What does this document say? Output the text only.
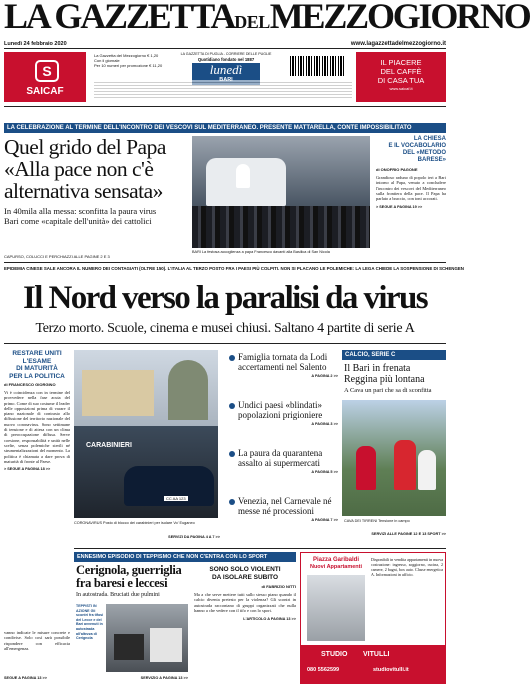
LA GAZZETTADELMEZZOGIORNO
Lunedì 24 febbraio 2020	www.lagazzettadelmezzogiorno.it
S
SAICAF
La Gazzetta del Mezzogiorno € 1,20
Con il giornale
Per 10 numeri per promozione € 11,20
LA GAZZETTA DI PUGLIA - CORRIERE DELLE PUGLIE
Quotidiano fondato nel 1887
lunedì	IL PIACERE
DEL CAFFÈ
DI CASA TUA
www.saicaf.it
LA CELEBRAZIONE AL TERMINE DELL'INCONTRO DEI VESCOVI SUL MEDITERRANEO. PRESENTE MATTARELLA, CONTE IMPOSSIBILITATO
Quel grido del Papa
«Alla pace non c'è
alternativa sensata»
In 40mila alla messa: sconfitta la paura virus
Bari come «capitale dell'unità» dei cattolici
CAPURSO, COLUCCI E PERCHIAZZI ALLE PAGINE 2 E 3
BARI La festosa accoglienza a papa Francesco davanti alla Basilica di San Nicola
LA CHIESA
E IL VOCABOLARIO
DEL «METODO BARESE»
di ONOFRIO PAGONE
Grandioso raduno di popolo ieri a Bari intorno al Papa, venuto a concludere l'incontro dei vescovi del Mediterraneo sulla frontiera della pace. Il Papa ha parlato a braccio, con toni accorati.
> SEGUE A PAGINA 19 >>
EPIDEMIA CINESE SALE ANCORA IL NUMERO DEI CONTAGIATI (OLTRE 150). L'ITALIA AL TERZO POSTO FRA I PAESI PIÙ COLPITI. NON SI PLACANO LE POLEMICHE: LA LEGA CHIEDE LA SOSPENSIONE DI SCHENGEN
Il Nord verso la paralisi da virus
Terzo morto. Scuole, cinema e musei chiusi. Saltano 4 partite di serie A
RESTARE UNITI
L'ESAME
DI MATURITÀ
PER LA POLITICA
di FRANCESCO GIORGINO
Vi è coincidenza con in termine del provvedere nella fase acuta del primo. Come di suo costume il leader delle opposizioni prima di varare il piano nazionale di contrasto allo diffusione del territorio nazionale del nuovo coronavirus. Sono settimane di tensione e di attesa con un clima di preoccupazione diffusa. Serve coesione, responsabilità e unità nelle scelte, senza polemiche sterili né strumentalizzazioni del momento. La politica è chiamata a dare prova di maturità di fronte al Paese.
> SEGUE A PAGINA 18 >>
CARABINIERI
CC AA 123
CORONAVIRUS Posto di blocco dei carabinieri per isolare Vo' Euganeo
SERVIZI DA PAGINA 4 A 7 >>
Famiglia tornata da Lodi accertamenti nel Salento
A PAGINA 2 >>
Undici paesi «blindati» popolazioni prigioniere
A PAGINA 3 >>
La paura da quarantena assalto ai supermercati
A PAGINA 5 >>
Venezia, nel Carnevale né messe né processioni
A PAGINA 7 >>
CALCIO, SERIE C
Il Bari in frenata
Reggina più lontana
A Cava un pari che sa di sconfitta
CAVA DEI TIRRENI Tensione in campo
SERVIZI ALLE PAGINE 12 E 13 SPORT >>
vanno indicate le misure concrete e condivise. Solo così sarà possibile rispondere con efficacia all'emergenza.
SEGUE A PAGINA 13 >>
ENNESIMO EPISODIO DI TEPPISMO CHE NON C'ENTRA CON LO SPORT
Cerignola, guerriglia
fra baresi e leccesi
In autostrada. Bruciati due pulmini
TEPPISTI IN AZIONE Gli scontri fra tifosi del Lecce e del Bari avvenuti in autostrada all'altezza di Cerignola
SERVIZIO A PAGINA 13 >>
SONO SOLO VIOLENTI
DA ISOLARE SUBITO
di FABRIZIO NITTI
Ma a che serve mettere tutti sullo stesso piano quando il calcio diventa pretesto per la violenza? Gli scontri in autostrada raccontano di gruppi organizzati che nulla hanno a che vedere con il tifo e con lo sport.
L'ARTICOLO A PAGINA 13 >>
Piazza Garibaldi
Nuovi Appartamenti
Disponibili in vendita appartamenti in nuova costruzione: ingresso, soggiorno, cucina, 2 camere, 2 bagni, box auto. Classe energetica A. Informazioni in ufficio.
STUDIO VITULLI
080 5562599	studiovitulli.it
